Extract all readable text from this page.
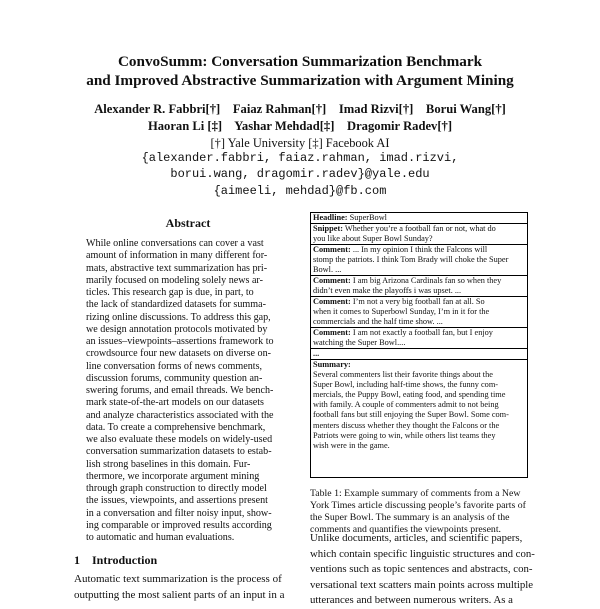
ConvoSumm: Conversation Summarization Benchmark
and Improved Abstractive Summarization with Argument Mining
Alexander R. Fabbri[†]    Faiaz Rahman[†]    Imad Rizvi[†]    Borui Wang[†]
Haoran Li [‡]    Yashar Mehdad[‡]    Dragomir Radev[†]
[†] Yale University [‡] Facebook AI
{alexander.fabbri, faiaz.rahman, imad.rizvi,
borui.wang, dragomir.radev}@yale.edu
{aimeeli, mehdad}@fb.com
Abstract
While online conversations can cover a vast
amount of information in many different for-
mats, abstractive text summarization has pri-
marily focused on modeling solely news ar-
ticles. This research gap is due, in part, to
the lack of standardized datasets for summa-
rizing online discussions. To address this gap,
we design annotation protocols motivated by
an issues–viewpoints–assertions framework to
crowdsource four new datasets on diverse on-
line conversation forms of news comments,
discussion forums, community question an-
swering forums, and email threads. We bench-
mark state-of-the-art models on our datasets
and analyze characteristics associated with the
data. To create a comprehensive benchmark,
we also evaluate these models on widely-used
conversation summarization datasets to estab-
lish strong baselines in this domain. Fur-
thermore, we incorporate argument mining
through graph construction to directly model
the issues, viewpoints, and assertions present
in a conversation and filter noisy input, show-
ing comparable or improved results according
to automatic and human evaluations.
1 Introduction
Automatic text summarization is the process of
outputting the most salient parts of an input in a
Headline: SuperBowl
Snippet: Whether you’re a football fan or not, what do
you like about Super Bowl Sunday?
Comment: ... In my opinion I think the Falcons will
stomp the patriots. I think Tom Brady will choke the Super
Bowl. ...
Comment: I am big Arizona Cardinals fan so when they
didn’t even make the playoffs i was upset. ...
Comment: I’m not a very big football fan at all. So
when it comes to Superbowl Sunday, I’m in it for the
commercials and the half time show. ...
Comment: I am not exactly a football fan, but I enjoy
watching the Super Bowl....
...
Summary:
Several commenters list their favorite things about the
Super Bowl, including half-time shows, the funny com-
mercials, the Puppy Bowl, eating food, and spending time
with family. A couple of commenters admit to not being
football fans but still enjoying the Super Bowl. Some com-
menters discuss whether they thought the Falcons or the
Patriots were going to win, while others list teams they
wish were in the game.
Table 1: Example summary of comments from a New
York Times article discussing people’s favorite parts of
the Super Bowl. The summary is an analysis of the
comments and quantifies the viewpoints present.
Unlike documents, articles, and scientific papers,
which contain specific linguistic structures and con-
ventions such as topic sentences and abstracts, con-
versational text scatters main points across multiple
utterances and between numerous writers. As a
